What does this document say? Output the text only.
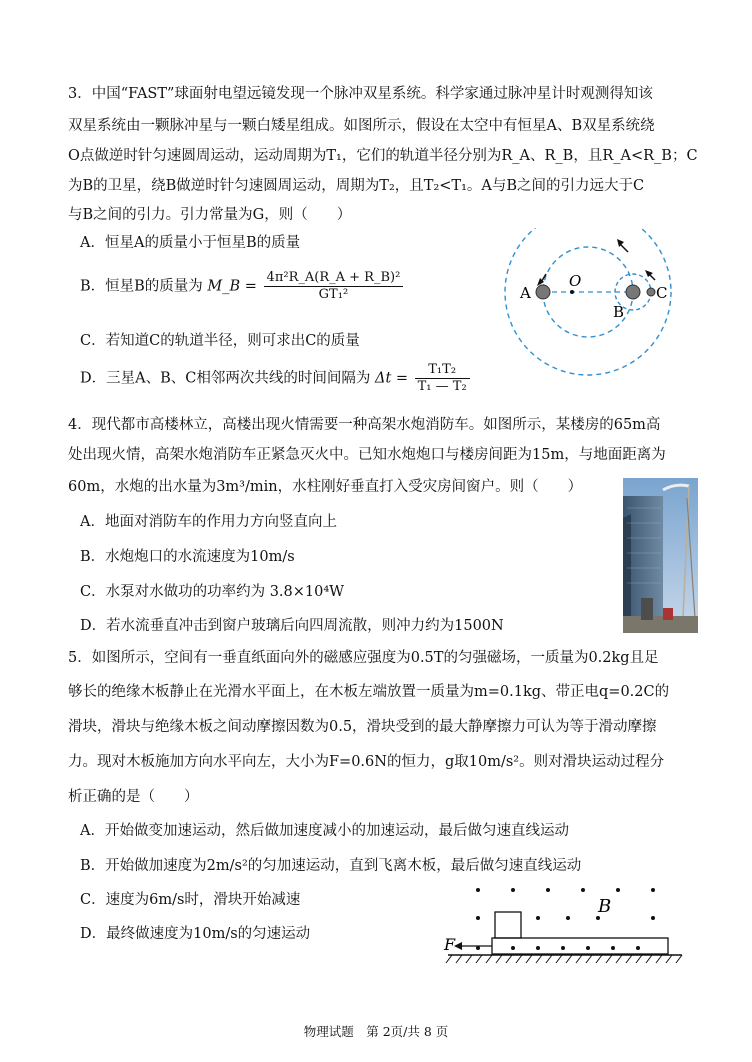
3．中国“FAST”球面射电望远镜发现一个脉冲双星系统。科学家通过脉冲星计时观测得知该
双星系统由一颗脉冲星与一颗白矮星组成。如图所示，假设在太空中有恒星A、B双星系统绕
O点做逆时针匀速圆周运动，运动周期为T₁，它们的轨道半径分别为R_A、R_B，且R_A<R_B；C
为B的卫星，绕B做逆时针匀速圆周运动，周期为T₂，且T₂<T₁。A与B之间的引力远大于C
与B之间的引力。引力常量为G，则（　　）
A．恒星A的质量小于恒星B的质量
B．恒星B的质量为 M_B = $\frac{\text{4π²R\_A(R\_A + R\_B)²}}{\text{GT₁²}}$
C．若知道C的轨道半径，则可求出C的质量
D．三星A、B、C相邻两次共线的时间间隔为 $\Delta t = \frac{\text{T₁T₂}}{\text{T₁ — T₂}}$
A
O
B
C
4．现代都市高楼林立，高楼出现火情需要一种高架水炮消防车。如图所示，某楼房的65m高
处出现火情，高架水炮消防车正紧急灭火中。已知水炮炮口与楼房间距为15m，与地面距离为
60m，水炮的出水量为3m³/min，水柱刚好垂直打入受灾房间窗户。则（　　）
A．地面对消防车的作用力方向竖直向上
B．水炮炮口的水流速度为10m/s
C．水泵对水做功的功率约为 3.8×10⁴W
D．若水流垂直冲击到窗户玻璃后向四周流散，则冲力约为1500N
5．如图所示，空间有一垂直纸面向外的磁感应强度为0.5T的匀强磁场，一质量为0.2kg且足
够长的绝缘木板静止在光滑水平面上，在木板左端放置一质量为m=0.1kg、带正电q=0.2C的
滑块，滑块与绝缘木板之间动摩擦因数为0.5，滑块受到的最大静摩擦力可认为等于滑动摩擦
力。现对木板施加方向水平向左，大小为F=0.6N的恒力，g取10m/s²。则对滑块运动过程分
析正确的是（　　）
A．开始做变加速运动，然后做加速度减小的加速运动，最后做匀速直线运动
B．开始做加速度为2m/s²的匀加速运动，直到飞离木板，最后做匀速直线运动
C．速度为6m/s时，滑块开始减速
D．最终做速度为10m/s的匀速运动
F
B
物理试题　第 2页/共 8 页
